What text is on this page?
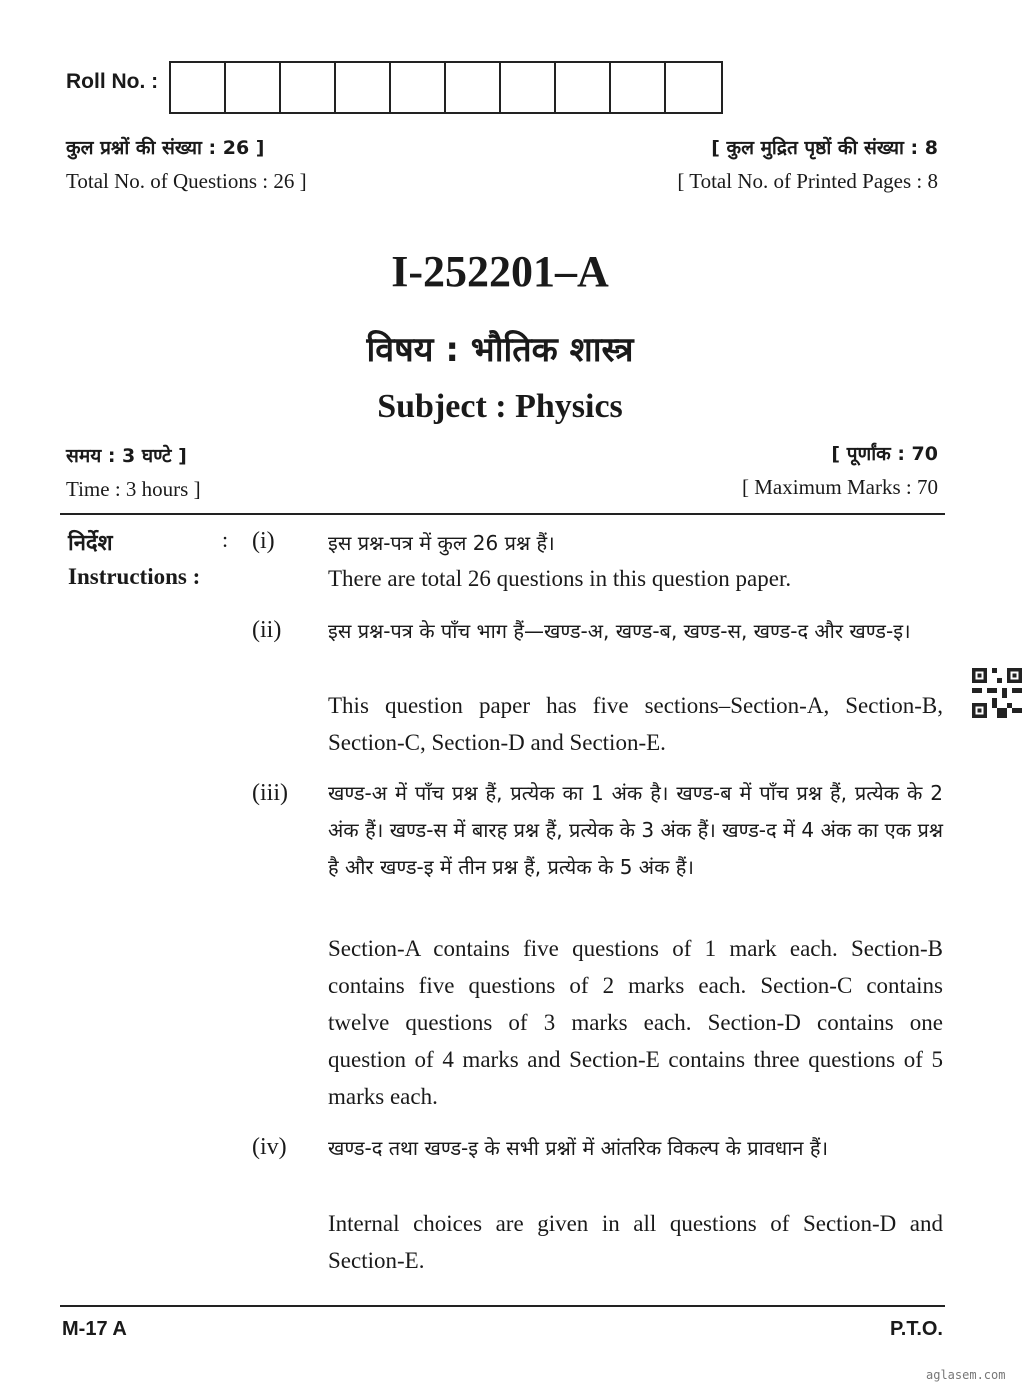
Roll No. :
कुल प्रश्नों की संख्या : 26 ]
Total No. of Questions : 26 ]
[ कुल मुद्रित पृष्ठों की संख्या : 8
[ Total No. of Printed Pages : 8
I-252201–A
विषय : भौतिक शास्त्र
Subject : Physics
समय : 3 घण्टे ]
Time : 3 hours ]
[ पूर्णांक : 70
[ Maximum Marks : 70
निर्देश	:
Instructions :
(i)	इस प्रश्न-पत्र में कुल 26 प्रश्न हैं।
There are total 26 questions in this question paper.
(ii) इस प्रश्न-पत्र के पाँच भाग हैं—खण्ड-अ, खण्ड-ब, खण्ड-स, खण्ड-द और खण्ड-इ।
This question paper has five sections–Section-A, Section-B, Section-C, Section-D and Section-E.
(iii) खण्ड-अ में पाँच प्रश्न हैं, प्रत्येक का 1 अंक है। खण्ड-ब में पाँच प्रश्न हैं, प्रत्येक के 2 अंक हैं। खण्ड-स में बारह प्रश्न हैं, प्रत्येक के 3 अंक हैं। खण्ड-द में 4 अंक का एक प्रश्न है और खण्ड-इ में तीन प्रश्न हैं, प्रत्येक के 5 अंक हैं।
Section-A contains five questions of 1 mark each. Section-B contains five questions of 2 marks each. Section-C contains twelve questions of 3 marks each. Section-D contains one question of 4 marks and Section-E contains three questions of 5 marks each.
(iv) खण्ड-द तथा खण्ड-इ के सभी प्रश्नों में आंतरिक विकल्प के प्रावधान हैं।
Internal choices are given in all questions of Section-D and Section-E.
M-17 A	P.T.O.
aglasem.com
